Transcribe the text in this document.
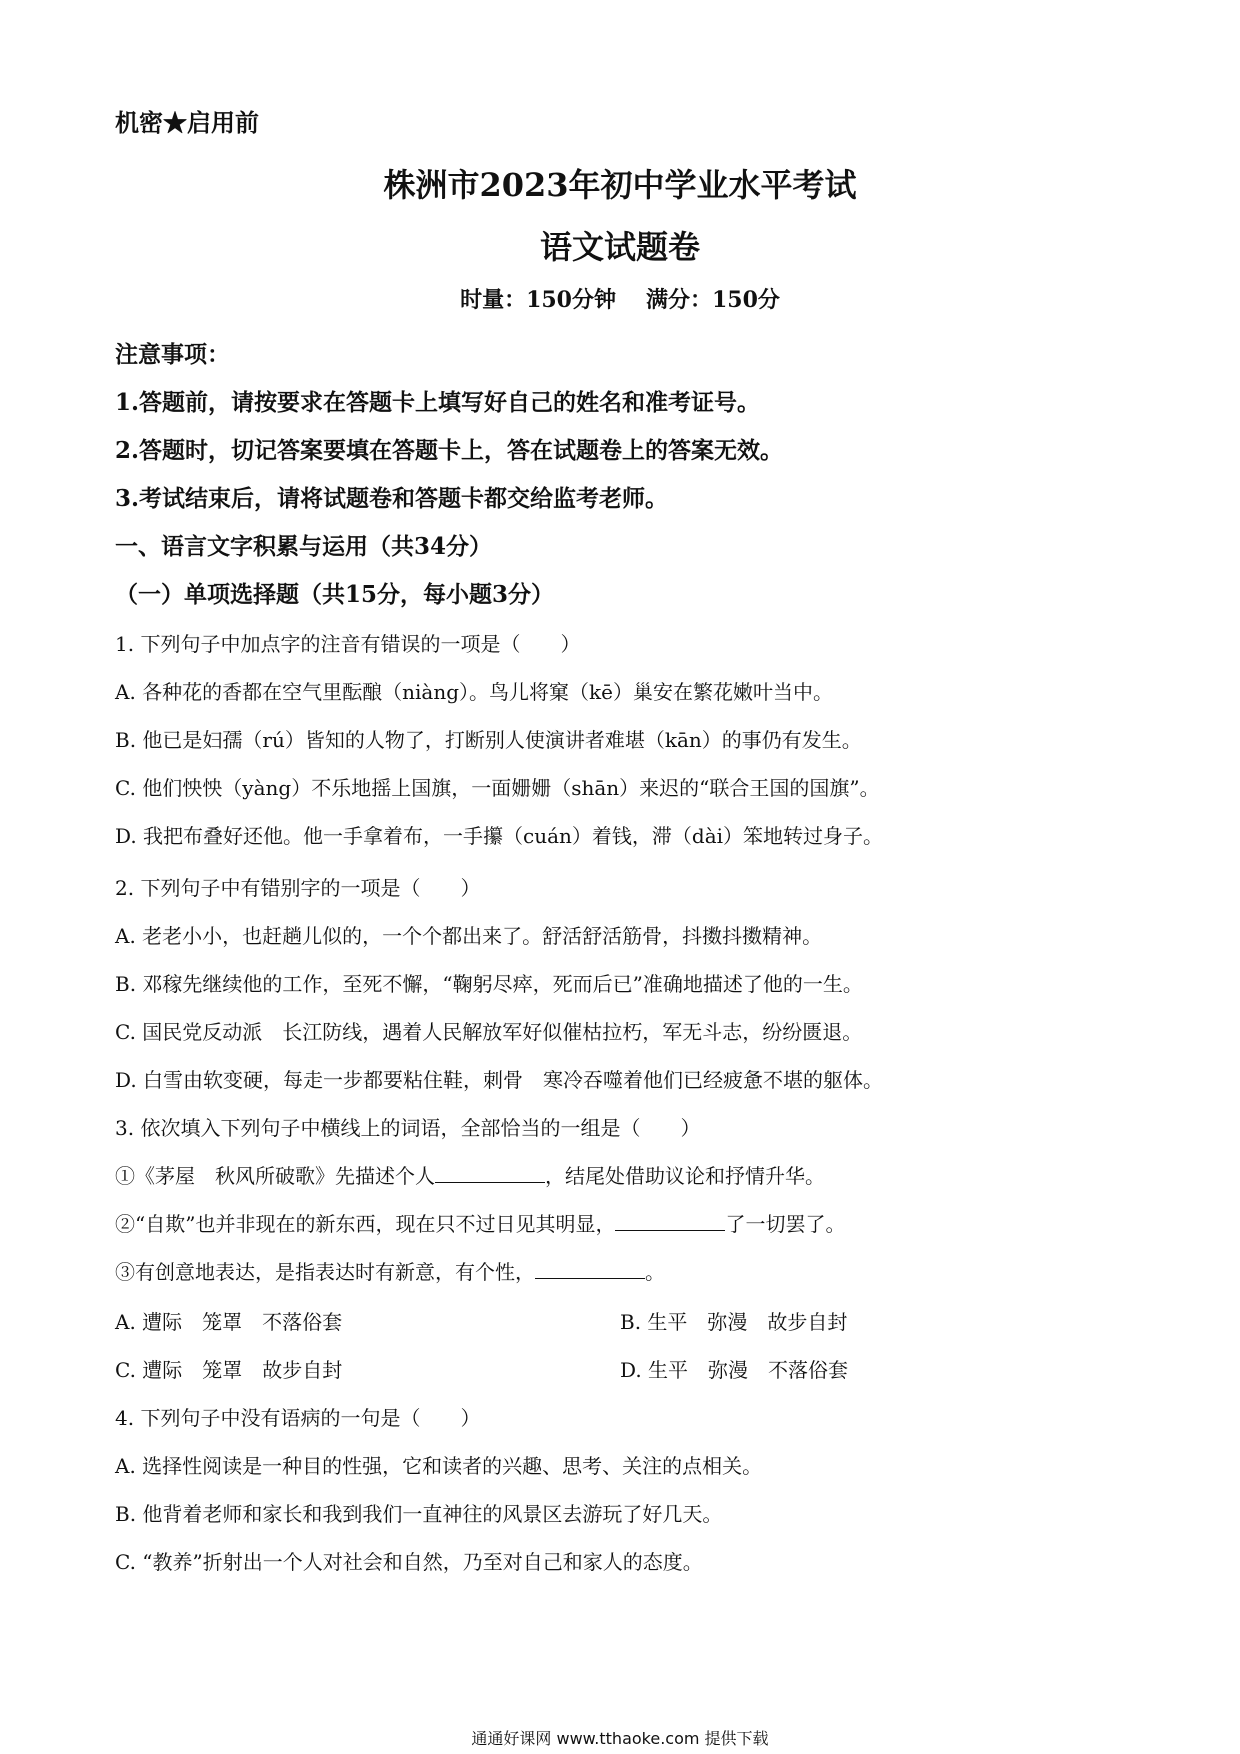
机密★启用前
株洲市2023年初中学业水平考试
语文试题卷
时量：150分钟 满分：150分
注意事项：
1.答题前，请按要求在答题卡上填写好自己的姓名和准考证号。
2.答题时，切记答案要填在答题卡上，答在试题卷上的答案无效。
3.考试结束后，请将试题卷和答题卡都交给监考老师。
一、语言文字积累与运用（共34分）
（一）单项选择题（共15分，每小题3分）
1. 下列句子中加点字的注音有错误的一项是（　　）
A. 各种花的香都在空气里酝酿（niàng）。鸟儿将窠（kē）巢安在繁花嫩叶当中。
B. 他已是妇孺（rú）皆知的人物了，打断别人使演讲者难堪（kān）的事仍有发生。
C. 他们怏怏（yàng）不乐地摇上国旗，一面姗姗（shān）来迟的“联合王国的国旗”。
D. 我把布叠好还他。他一手拿着布，一手攥（cuán）着钱，滞（dài）笨地转过身子。
2. 下列句子中有错别字的一项是（　　）
A. 老老小小，也赶趟儿似的，一个个都出来了。舒活舒活筋骨，抖擞抖擞精神。
B. 邓稼先继续他的工作，至死不懈，“鞠躬尽瘁，死而后已”准确地描述了他的一生。
C. 国民党反动派　长江防线，遇着人民解放军好似催枯拉朽，军无斗志，纷纷匮退。
D. 白雪由软变硬，每走一步都要粘住鞋，刺骨　寒冷吞噬着他们已经疲惫不堪的躯体。
3. 依次填入下列句子中横线上的词语，全部恰当的一组是（　　）
①《茅屋　秋风所破歌》先描述个人	，结尾处借助议论和抒情升华。
②“自欺”也并非现在的新东西，现在只不过日见其明显，	了一切罢了。
③有创意地表达，是指表达时有新意，有个性，	。
A. 遭际　笼罩　不落俗套	B. 生平　弥漫　故步自封
C. 遭际　笼罩　故步自封	D. 生平　弥漫　不落俗套
4. 下列句子中没有语病的一句是（　　）
A. 选择性阅读是一种目的性强，它和读者的兴趣、思考、关注的点相关。
B. 他背着老师和家长和我到我们一直神往的风景区去游玩了好几天。
C. “教养”折射出一个人对社会和自然，乃至对自己和家人的态度。
通通好课网 www.tthaoke.com 提供下载
